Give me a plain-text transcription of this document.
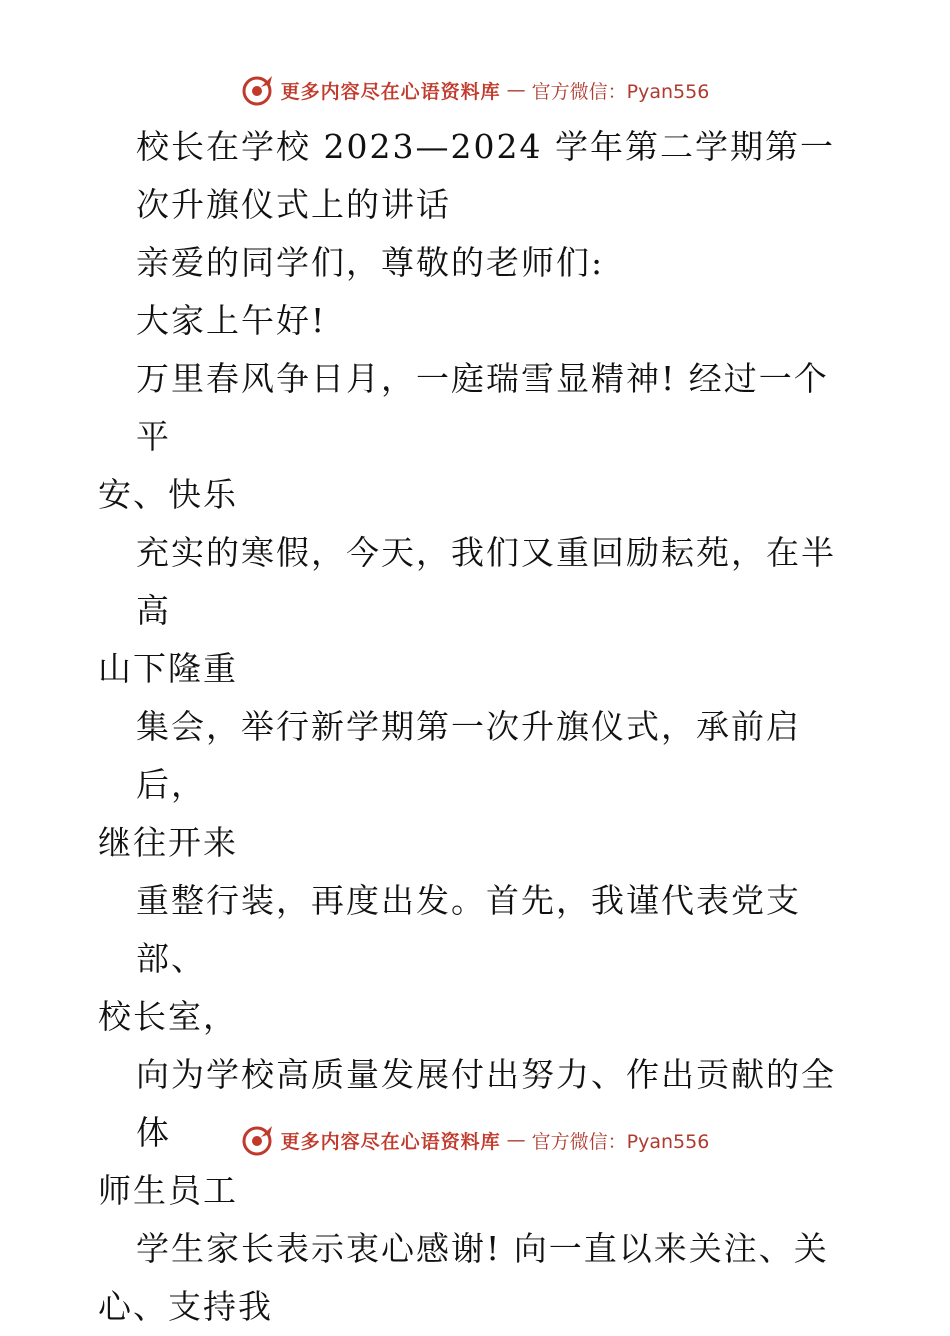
更多内容尽在心语资料库 — 官方微信：Pyan556

校长在学校 2023—2024 学年第二学期第一

次升旗仪式上的讲话

亲爱的同学们，尊敬的老师们:

大家上午好!

万里春风争日月，一庭瑞雪显精神! 经过一个平

安、快乐

充实的寒假，今天，我们又重回励耘苑，在半高

山下隆重

集会，举行新学期第一次升旗仪式，承前启后，

继往开来

重整行装，再度出发。首先，我谨代表党支部、

校长室，

向为学校高质量发展付出努力、作出贡献的全体

师生员工

学生家长表示衷心感谢! 向一直以来关注、关

心、支持我

更多内容尽在心语资料库 — 官方微信：Pyan556
